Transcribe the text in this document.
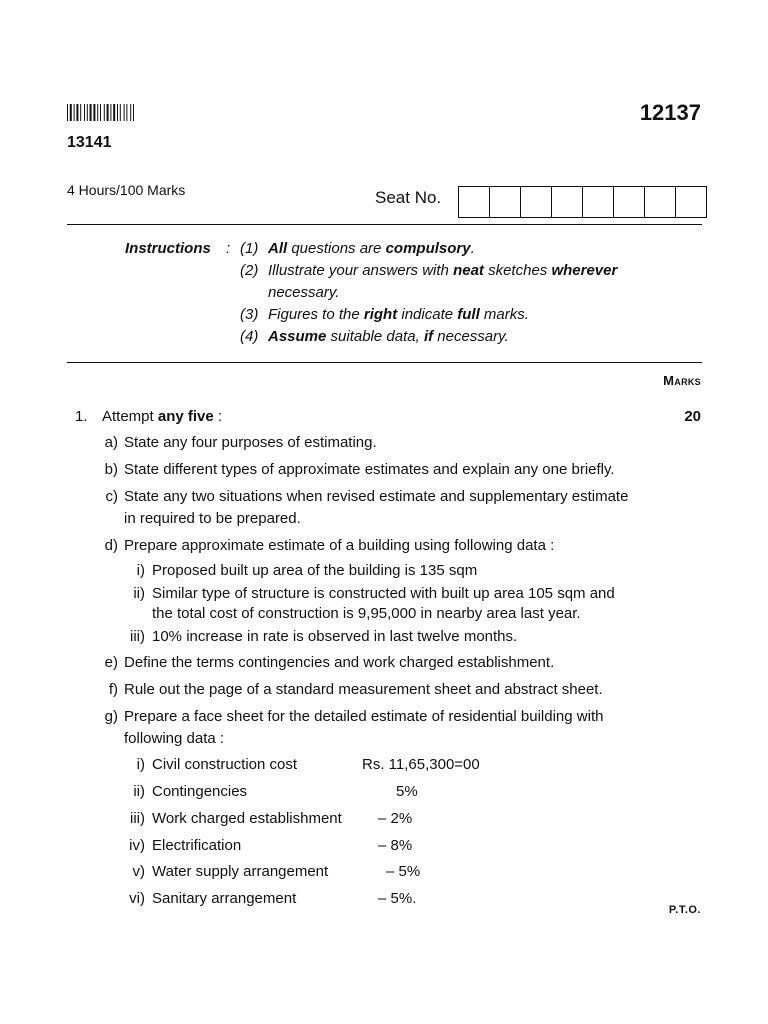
12137
13141
4 Hours/100 Marks	Seat No.
Instructions : (1) All questions are compulsory.
(2) Illustrate your answers with neat sketches wherever
necessary.
(3) Figures to the right indicate full marks.
(4) Assume suitable data, if necessary.
Marks
1. Attempt any five :	20
a) State any four purposes of estimating.
b) State different types of approximate estimates and explain any one briefly.
c) State any two situations when revised estimate and supplementary estimate
in required to be prepared.
d) Prepare approximate estimate of a building using following data :
i) Proposed built up area of the building is 135 sqm
ii) Similar type of structure is constructed with built up area 105 sqm and
the total cost of construction is 9,95,000 in nearby area last year.
iii) 10% increase in rate is observed in last twelve months.
e) Define the terms contingencies and work charged establishment.
f) Rule out the page of a standard measurement sheet and abstract sheet.
g) Prepare a face sheet for the detailed estimate of residential building with
following data :
i) Civil construction cost	Rs. 11,65,300=00
ii) Contingencies	5%
iii) Work charged establishment – 2%
iv) Electrification	– 8%
v) Water supply arrangement	– 5%
vi) Sanitary arrangement	– 5%.
P.T.O.
